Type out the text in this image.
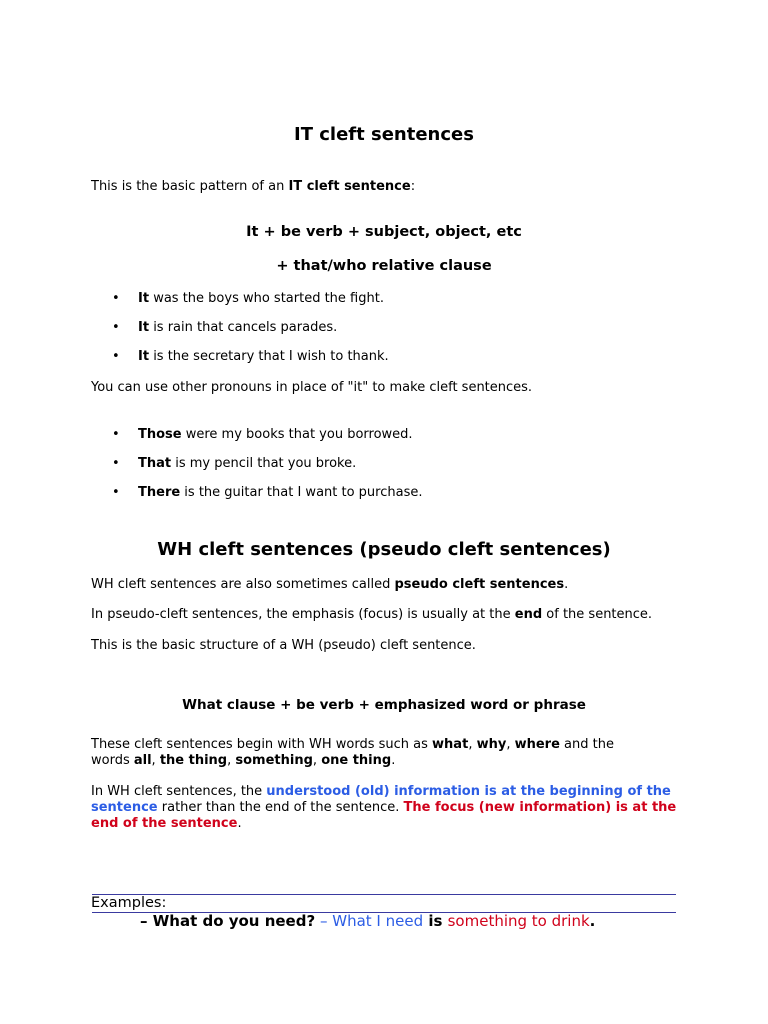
IT cleft sentences
This is the basic pattern of an IT cleft sentence:
It + be verb + subject, object, etc
+ that/who relative clause
• It was the boys who started the fight.
• It is rain that cancels parades.
• It is the secretary that I wish to thank.
You can use other pronouns in place of "it" to make cleft sentences.
• Those were my books that you borrowed.
• That is my pencil that you broke.
• There is the guitar that I want to purchase.
WH cleft sentences (pseudo cleft sentences)
WH cleft sentences are also sometimes called pseudo cleft sentences.
In pseudo-cleft sentences, the emphasis (focus) is usually at the end of the sentence.
This is the basic structure of a WH (pseudo) cleft sentence.
What clause + be verb + emphasized word or phrase
These cleft sentences begin with WH words such as what, why, where and the
words all, the thing, something, one thing.
In WH cleft sentences, the understood (old) information is at the beginning of the sentence rather than the end of the sentence. The focus (new information) is at the end of the sentence.
Examples:
– What do you need? – What I need is something to drink.
